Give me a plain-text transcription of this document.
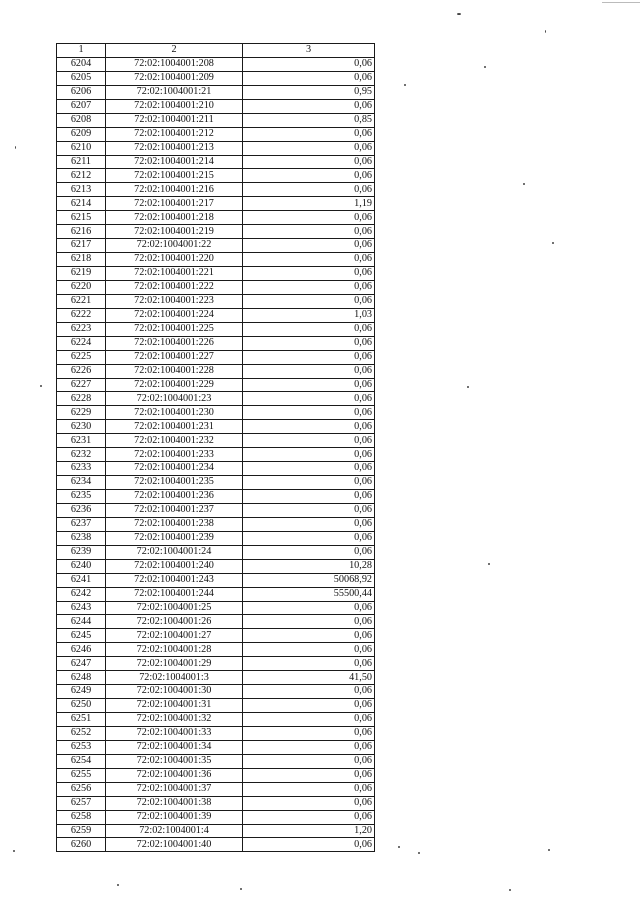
1	2	3
6204	72:02:1004001:208	0,06
6205	72:02:1004001:209	0,06
6206	72:02:1004001:21	0,95
6207	72:02:1004001:210	0,06
6208	72:02:1004001:211	0,85
6209	72:02:1004001:212	0,06
6210	72:02:1004001:213	0,06
6211	72:02:1004001:214	0,06
6212	72:02:1004001:215	0,06
6213	72:02:1004001:216	0,06
6214	72:02:1004001:217	1,19
6215	72:02:1004001:218	0,06
6216	72:02:1004001:219	0,06
6217	72:02:1004001:22	0,06
6218	72:02:1004001:220	0,06
6219	72:02:1004001:221	0,06
6220	72:02:1004001:222	0,06
6221	72:02:1004001:223	0,06
6222	72:02:1004001:224	1,03
6223	72:02:1004001:225	0,06
6224	72:02:1004001:226	0,06
6225	72:02:1004001:227	0,06
6226	72:02:1004001:228	0,06
6227	72:02:1004001:229	0,06
6228	72:02:1004001:23	0,06
6229	72:02:1004001:230	0,06
6230	72:02:1004001:231	0,06
6231	72:02:1004001:232	0,06
6232	72:02:1004001:233	0,06
6233	72:02:1004001:234	0,06
6234	72:02:1004001:235	0,06
6235	72:02:1004001:236	0,06
6236	72:02:1004001:237	0,06
6237	72:02:1004001:238	0,06
6238	72:02:1004001:239	0,06
6239	72:02:1004001:24	0,06
6240	72:02:1004001:240	10,28
6241	72:02:1004001:243	50068,92
6242	72:02:1004001:244	55500,44
6243	72:02:1004001:25	0,06
6244	72:02:1004001:26	0,06
6245	72:02:1004001:27	0,06
6246	72:02:1004001:28	0,06
6247	72:02:1004001:29	0,06
6248	72:02:1004001:3	41,50
6249	72:02:1004001:30	0,06
6250	72:02:1004001:31	0,06
6251	72:02:1004001:32	0,06
6252	72:02:1004001:33	0,06
6253	72:02:1004001:34	0,06
6254	72:02:1004001:35	0,06
6255	72:02:1004001:36	0,06
6256	72:02:1004001:37	0,06
6257	72:02:1004001:38	0,06
6258	72:02:1004001:39	0,06
6259	72:02:1004001:4	1,20
6260	72:02:1004001:40	0,06
